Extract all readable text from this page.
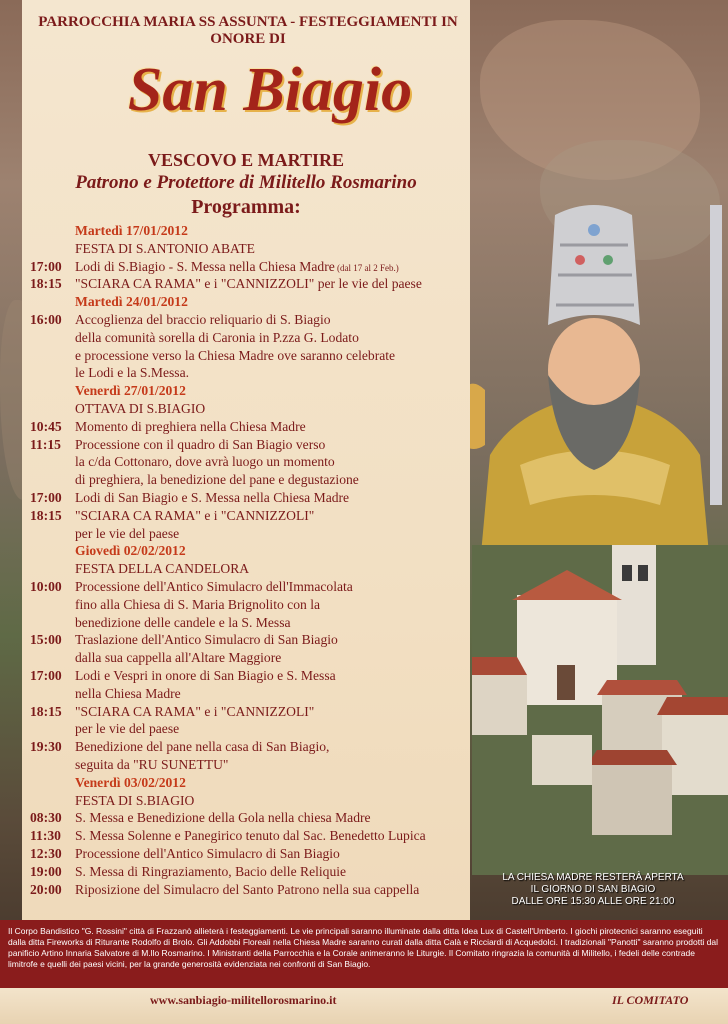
PARROCCHIA MARIA SS ASSUNTA - FESTEGGIAMENTI IN ONORE DI
San Biagio
VESCOVO E MARTIRE
Patrono e Protettore di Militello Rosmarino
Programma:
Martedì 17/01/2012
FESTA DI S.ANTONIO ABATE
17:00 Lodi di S.Biagio - S. Messa nella Chiesa Madre (dal 17 al 2 Feb.)
18:15 "SCIARA CA RAMA" e i "CANNIZZOLI" per le vie del paese
Martedì 24/01/2012
16:00 Accoglienza del braccio reliquario di S. Biagio
della comunità sorella di Caronia in P.zza G. Lodato
e processione verso la Chiesa Madre ove saranno celebrate
le Lodi e la S.Messa.
Venerdì 27/01/2012
OTTAVA DI S.BIAGIO
10:45 Momento di preghiera nella Chiesa Madre
11:15 Processione con il quadro di San Biagio verso
la c/da Cottonaro, dove avrà luogo un momento
di preghiera, la benedizione del pane e degustazione
17:00 Lodi di San Biagio e S. Messa nella Chiesa Madre
18:15 "SCIARA CA RAMA" e i "CANNIZZOLI"
per le vie del paese
Giovedì 02/02/2012
FESTA DELLA CANDELORA
10:00 Processione dell'Antico Simulacro dell'Immacolata
fino alla Chiesa di S. Maria Brignolito con la
benedizione delle candele e la S. Messa
15:00 Traslazione dell'Antico Simulacro di San Biagio
dalla sua cappella all'Altare Maggiore
17:00 Lodi e Vespri in onore di San Biagio e S. Messa
nella Chiesa Madre
18:15 "SCIARA CA RAMA" e i "CANNIZZOLI"
per le vie del paese
19:30 Benedizione del pane nella casa di San Biagio,
seguita da "RU SUNETTU"
Venerdì 03/02/2012
FESTA DI S.BIAGIO
08:30 S. Messa e Benedizione della Gola nella chiesa Madre
11:30 S. Messa Solenne e Panegirico tenuto dal Sac. Benedetto Lupica
12:30 Processione dell'Antico Simulacro di San Biagio
19:00 S. Messa di Ringraziamento, Bacio delle Reliquie
20:00 Riposizione del Simulacro del Santo Patrono nella sua cappella
LA CHIESA MADRE RESTERÀ APERTA
IL GIORNO DI SAN BIAGIO
DALLE ORE 15:30 ALLE ORE 21:00
Il Corpo Bandistico "G. Rossini" città di Frazzanò allieterà i festeggiamenti. Le vie principali saranno illuminate dalla ditta Idea Lux di Castell'Umberto. I giochi pirotecnici saranno eseguiti dalla ditta Fireworks di Riturante Rodolfo di Brolo. Gli Addobbi Floreali nella Chiesa Madre saranno curati dalla ditta Calà e Ricciardi di Acquedolci. I tradizionali "Panotti" saranno prodotti dal panificio Artino Innaria Salvatore di M.llo Rosmarino. I Ministranti della Parrocchia e la Corale animeranno le Liturgie. Il Comitato ringrazia la comunità di Militello, i fedeli delle contrade limitrofe e quelli dei paesi vicini, per la grande generosità evidenziata nei confronti di San Biagio.
www.sanbiagio-militellorosmarino.it	IL COMITATO
